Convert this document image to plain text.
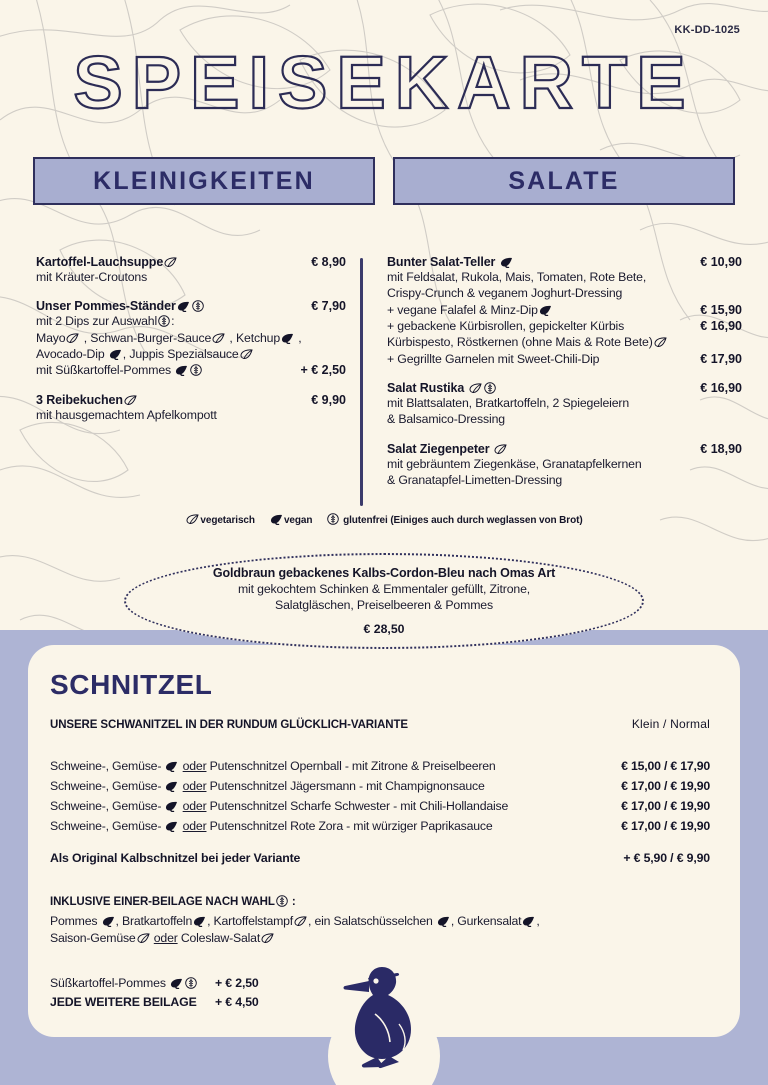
KK-DD-1025
SPEISEKARTE
KLEINIGKEITEN	SALATE
Kartoffel-Lauchsuppe	€ 8,90
mit Kräuter-Croutons
Unser Pommes-Ständer	€ 7,90
mit 2 Dips zur Auswahl :
Mayo
, Schwan-Burger-Sauce
, Ketchup
,
Avocado-Dip
, Juppis Spezialsauce
mit Süßkartoffel-Pommes	+ € 2,50
3 Reibekuchen	€ 9,90
mit hausgemachtem Apfelkompott
Bunter Salat-Teller	€ 10,90
mit Feldsalat, Rukola, Mais, Tomaten, Rote Bete,
Crispy-Crunch & veganem Joghurt-Dressing
+ vegane Falafel & Minz-Dip	€ 15,90
+ gebackene Kürbisrollen, gepickelter Kürbis	€ 16,90
Kürbispesto, Röstkernen (ohne Mais & Rote Bete)
+ Gegrillte Garnelen mit Sweet-Chili-Dip	€ 17,90
Salat Rustika	€ 16,90
mit Blattsalaten, Bratkartoffeln, 2 Spiegeleiern
& Balsamico-Dressing
Salat Ziegenpeter	€ 18,90
mit gebräuntem Ziegenkäse, Granatapfelkernen
& Granatapfel-Limetten-Dressing
vegetarisch	vegan	glutenfrei (Einiges auch durch weglassen von Brot)
Goldbraun gebackenes Kalbs-Cordon-Bleu nach Omas Art
mit gekochtem Schinken & Emmentaler gefüllt, Zitrone,
Salatgläschen, Preiselbeeren & Pommes
€ 28,50
SCHNITZEL
UNSERE SCHWANITZEL IN DER RUNDUM GLÜCKLICH-VARIANTE	Klein / Normal
Schweine-, Gemüse-
oder Putenschnitzel Opernball - mit Zitrone & Preiselbeeren	€ 15,00 / € 17,90
Schweine-, Gemüse-
oder Putenschnitzel Jägersmann - mit Champignonsauce	€ 17,00 / € 19,90
Schweine-, Gemüse-
oder Putenschnitzel Scharfe Schwester - mit Chili-Hollandaise	€ 17,00 / € 19,90
Schweine-, Gemüse-
oder Putenschnitzel Rote Zora - mit würziger Paprikasauce	€ 17,00 / € 19,90
Als Original Kalbschnitzel bei jeder Variante	+ € 5,90 / € 9,90
INKLUSIVE EINER-BEILAGE NACH WAHL
:
Pommes
, Bratkartoffeln , Kartoffelstampf , ein Salatschüsselchen
, Gurkensalat ,
Saison-Gemüse oder Coleslaw-Salat
Süßkartoffel-Pommes	+ € 2,50
JEDE WEITERE BEILAGE	+ € 4,50
